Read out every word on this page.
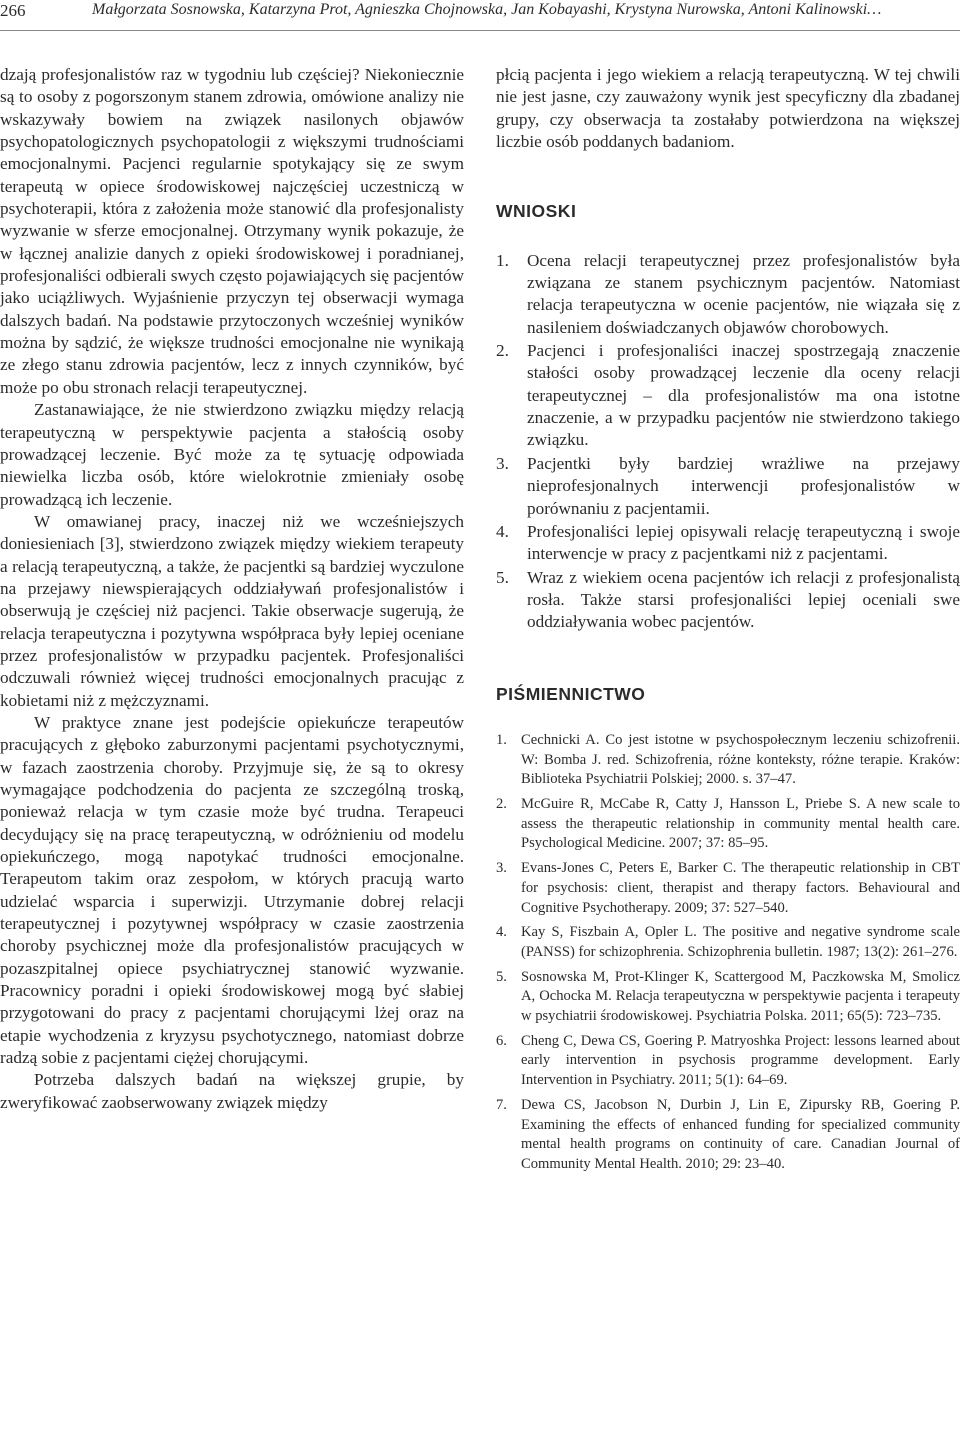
266	Małgorzata Sosnowska, Katarzyna Prot, Agnieszka Chojnowska, Jan Kobayashi, Krystyna Nurowska, Antoni Kalinowski…

dzają profesjonalistów raz w tygodniu lub częściej? Niekoniecznie są to osoby z pogorszonym stanem zdrowia, omówione analizy nie wskazywały bowiem na związek nasilonych objawów psychopatologicznych psychopatologii z większymi trudnościami emocjonalnymi. Pacjenci regularnie spotykający się ze swym terapeutą w opiece środowiskowej najczęściej uczestniczą w psychoterapii, która z założenia może stanowić dla profesjonalisty wyzwanie w sferze emocjonalnej. Otrzymany wynik pokazuje, że w łącznej analizie danych z opieki środowiskowej i poradnianej, profesjonaliści odbierali swych często pojawiających się pacjentów jako uciążliwych. Wyjaśnienie przyczyn tej obserwacji wymaga dalszych badań. Na podstawie przytoczonych wcześniej wyników można by sądzić, że większe trudności emocjonalne nie wynikają ze złego stanu zdrowia pacjentów, lecz z innych czynników, być może po obu stronach relacji terapeutycznej.

Zastanawiające, że nie stwierdzono związku między relacją terapeutyczną w perspektywie pacjenta a stałością osoby prowadzącej leczenie. Być może za tę sytuację odpowiada niewielka liczba osób, które wielokrotnie zmieniały osobę prowadzącą ich leczenie.

W omawianej pracy, inaczej niż we wcześniejszych doniesieniach [3], stwierdzono związek między wiekiem terapeuty a relacją terapeutyczną, a także, że pacjentki są bardziej wyczulone na przejawy niewspierających oddziaływań profesjonalistów i obserwują je częściej niż pacjenci. Takie obserwacje sugerują, że relacja terapeutyczna i pozytywna współpraca były lepiej oceniane przez profesjonalistów w przypadku pacjentek. Profesjonaliści odczuwali również więcej trudności emocjonalnych pracując z kobietami niż z mężczyznami.

W praktyce znane jest podejście opiekuńcze terapeutów pracujących z głęboko zaburzonymi pacjentami psychotycznymi, w fazach zaostrzenia choroby. Przyjmuje się, że są to okresy wymagające podchodzenia do pacjenta ze szczególną troską, ponieważ relacja w tym czasie może być trudna. Terapeuci decydujący się na pracę terapeutyczną, w odróżnieniu od modelu opiekuńczego, mogą napotykać trudności emocjonalne. Terapeutom takim oraz zespołom, w których pracują warto udzielać wsparcia i superwizji. Utrzymanie dobrej relacji terapeutycznej i pozytywnej współpracy w czasie zaostrzenia choroby psychicznej może dla profesjonalistów pracujących w pozaszpitalnej opiece psychiatrycznej stanowić wyzwanie. Pracownicy poradni i opieki środowiskowej mogą być słabiej przygotowani do pracy z pacjentami chorującymi lżej oraz na etapie wychodzenia z kryzysu psychotycznego, natomiast dobrze radzą sobie z pacjentami ciężej chorującymi.

Potrzeba dalszych badań na większej grupie, by zweryfikować zaobserwowany związek między

płcią pacjenta i jego wiekiem a relacją terapeutyczną. W tej chwili nie jest jasne, czy zauważony wynik jest specyficzny dla zbadanej grupy, czy obserwacja ta zostałaby potwierdzona na większej liczbie osób poddanych badaniom.

WNIOSKI
1. Ocena relacji terapeutycznej przez profesjonalistów była związana ze stanem psychicznym pacjentów. Natomiast relacja terapeutyczna w ocenie pacjentów, nie wiązała się z nasileniem doświadczanych objawów chorobowych.
2. Pacjenci i profesjonaliści inaczej spostrzegają znaczenie stałości osoby prowadzącej leczenie dla oceny relacji terapeutycznej – dla profesjonalistów ma ona istotne znaczenie, a w przypadku pacjentów nie stwierdzono takiego związku.
3. Pacjentki były bardziej wrażliwe na przejawy nieprofesjonalnych interwencji profesjonalistów w porównaniu z pacjentamii.
4. Profesjonaliści lepiej opisywali relację terapeutyczną i swoje interwencje w pracy z pacjentkami niż z pacjentami.
5. Wraz z wiekiem ocena pacjentów ich relacji z profesjonalistą rosła. Także starsi profesjonaliści lepiej oceniali swe oddziaływania wobec pacjentów.
PIŚMIENNICTWO
1. Cechnicki A. Co jest istotne w psychospołecznym leczeniu schizofrenii. W: Bomba J. red. Schizofrenia, różne konteksty, różne terapie. Kraków: Biblioteka Psychiatrii Polskiej; 2000. s. 37–47.
2. McGuire R, McCabe R, Catty J, Hansson L, Priebe S. A new scale to assess the therapeutic relationship in community mental health care. Psychological Medicine. 2007; 37: 85–95.
3. Evans-Jones C, Peters E, Barker C. The therapeutic relationship in CBT for psychosis: client, therapist and therapy factors. Behavioural and Cognitive Psychotherapy. 2009; 37: 527–540.
4. Kay S, Fiszbain A, Opler L. The positive and negative syndrome scale (PANSS) for schizophrenia. Schizophrenia bulletin. 1987; 13(2): 261–276.
5. Sosnowska M, Prot-Klinger K, Scattergood M, Paczkowska M, Smolicz A, Ochocka M. Relacja terapeutyczna w perspektywie pacjenta i terapeuty w psychiatrii środowiskowej. Psychiatria Polska. 2011; 65(5): 723–735.
6. Cheng C, Dewa CS, Goering P. Matryoshka Project: lessons learned about early intervention in psychosis programme development. Early Intervention in Psychiatry. 2011; 5(1): 64–69.
7. Dewa CS, Jacobson N, Durbin J, Lin E, Zipursky RB, Goering P. Examining the effects of enhanced funding for specialized community mental health programs on continuity of care. Canadian Journal of Community Mental Health. 2010; 29: 23–40.
